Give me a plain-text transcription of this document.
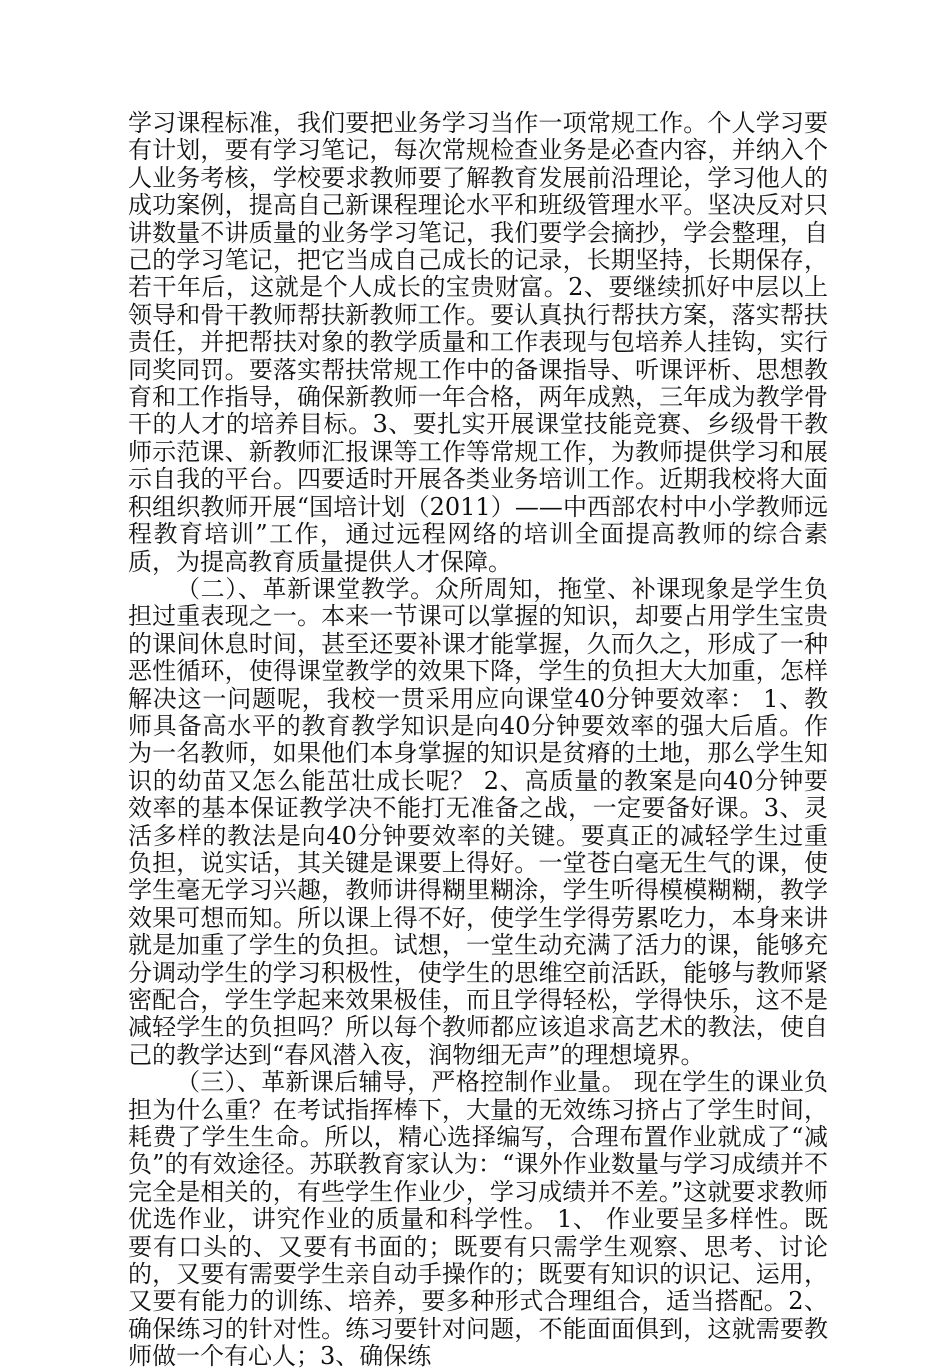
学习课程标准，我们要把业务学习当作一项常规工作。个人学习要有计划，要有学习笔记，每次常规检查业务是必查内容，并纳入个人业务考核，学校要求教师要了解教育发展前沿理论，学习他人的成功案例，提高自己新课程理论水平和班级管理水平。坚决反对只讲数量不讲质量的业务学习笔记，我们要学会摘抄，学会整理，自己的学习笔记，把它当成自己成长的记录，长期坚持，长期保存，若干年后，这就是个人成长的宝贵财富。2、要继续抓好中层以上领导和骨干教师帮扶新教师工作。要认真执行帮扶方案，落实帮扶责任，并把帮扶对象的教学质量和工作表现与包培养人挂钩，实行同奖同罚。要落实帮扶常规工作中的备课指导、听课评析、思想教育和工作指导，确保新教师一年合格，两年成熟，三年成为教学骨干的人才的培养目标。3、要扎实开展课堂技能竞赛、乡级骨干教师示范课、新教师汇报课等工作等常规工作，为教师提供学习和展示自我的平台。四要适时开展各类业务培训工作。近期我校将大面积组织教师开展“国培计划（2011）——中西部农村中小学教师远程教育培训”工作，通过远程网络的培训全面提高教师的综合素质，为提高教育质量提供人才保障。

（二）、革新课堂教学。众所周知，拖堂、补课现象是学生负担过重表现之一。本来一节课可以掌握的知识，却要占用学生宝贵的课间休息时间，甚至还要补课才能掌握，久而久之，形成了一种恶性循环，使得课堂教学的效果下降，学生的负担大大加重，怎样解决这一问题呢，我校一贯采用应向课堂40分钟要效率： 1、教师具备高水平的教育教学知识是向40分钟要效率的强大后盾。作为一名教师，如果他们本身掌握的知识是贫瘠的土地，那么学生知识的幼苗又怎么能茁壮成长呢？ 2、高质量的教案是向40分钟要效率的基本保证教学决不能打无准备之战，一定要备好课。3、灵活多样的教法是向40分钟要效率的关键。要真正的减轻学生过重负担，说实话，其关键是课要上得好。一堂苍白毫无生气的课，使学生毫无学习兴趣，教师讲得糊里糊涂，学生听得模模糊糊，教学效果可想而知。所以课上得不好，使学生学得劳累吃力，本身来讲就是加重了学生的负担。试想，一堂生动充满了活力的课，能够充分调动学生的学习积极性，使学生的思维空前活跃，能够与教师紧密配合，学生学起来效果极佳，而且学得轻松，学得快乐，这不是减轻学生的负担吗？所以每个教师都应该追求高艺术的教法，使自己的教学达到“春风潜入夜，润物细无声”的理想境界。

（三）、革新课后辅导，严格控制作业量。 现在学生的课业负担为什么重？在考试指挥棒下，大量的无效练习挤占了学生时间，耗费了学生生命。所以，精心选择编写，合理布置作业就成了“减负”的有效途径。苏联教育家认为：“课外作业数量与学习成绩并不完全是相关的，有些学生作业少，学习成绩并不差。”这就要求教师优选作业，讲究作业的质量和科学性。 1、 作业要呈多样性。既要有口头的、又要有书面的；既要有只需学生观察、思考、讨论的，又要有需要学生亲自动手操作的；既要有知识的识记、运用，又要有能力的训练、培养，要多种形式合理组合，适当搭配。2、确保练习的针对性。练习要针对问题，不能面面俱到，这就需要教师做一个有心人；3、确保练
